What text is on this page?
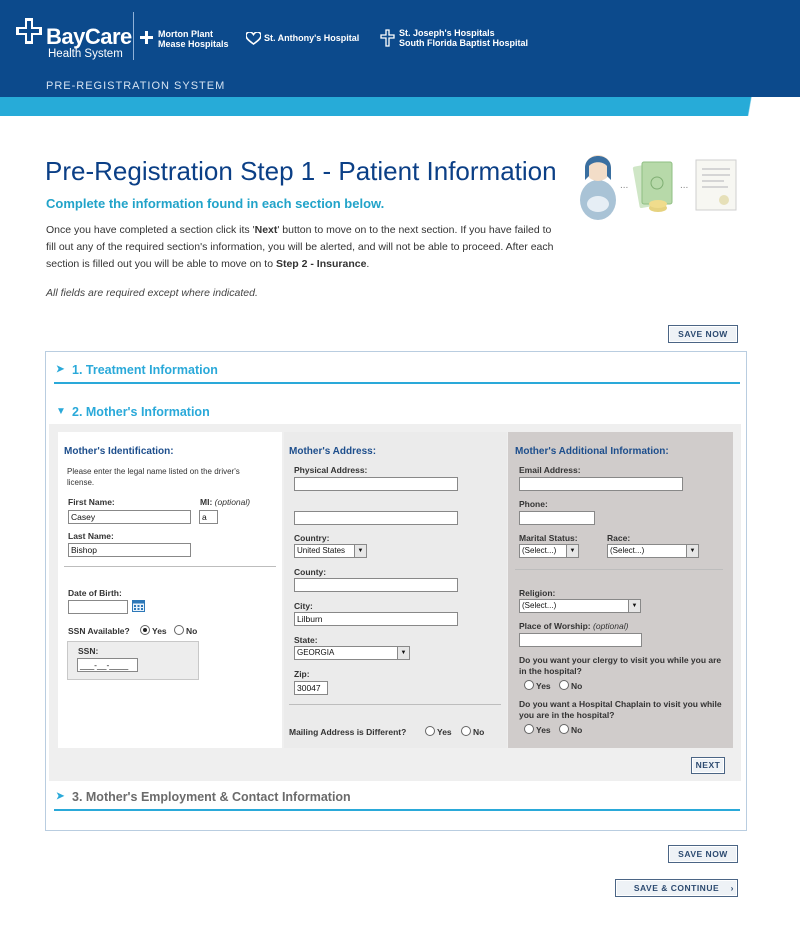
BayCare
Health System
Morton Plant
Mease Hospitals
St. Anthony's Hospital	St. Joseph's Hospitals
South Florida Baptist Hospital
PRE-REGISTRATION SYSTEM
Pre-Registration Step 1 - Patient Information
Complete the information found in each section below.
Once you have completed a section click its 'Next' button to move on to the next section. If you have failed to fill out any of the required section's information, you will be alerted, and will not be able to proceed. After each section is filled out you will be able to move on to Step 2 - Insurance.
All fields are required except where indicated.
...	...
SAVE NOW
➤ 1. Treatment Information
▼ 2. Mother's Information
Mother's Identification:
Please enter the legal name listed on the driver's license.
First Name:	MI: (optional)
Casey	a
Last Name:
Bishop
Date of Birth:
SSN Available?	Yes	No
SSN:
___-__-____
Mother's Address:
Physical Address:
Country:
United States	▼
County:
City:
Lilburn
State:
GEORGIA	▼
Zip:
30047
Mailing Address is Different?	Yes	No
Mother's Additional Information:
Email Address:
Phone:
Marital Status:	Race:
(Select...)	▼	(Select...)	▼
Religion:
(Select...)	▼
Place of Worship: (optional)
Do you want your clergy to visit you while you are in the hospital?
Yes	No
Do you want a Hospital Chaplain to visit you while you are in the hospital?
Yes	No
NEXT
➤ 3. Mother's Employment & Contact Information
SAVE NOW
SAVE & CONTINUE ›
